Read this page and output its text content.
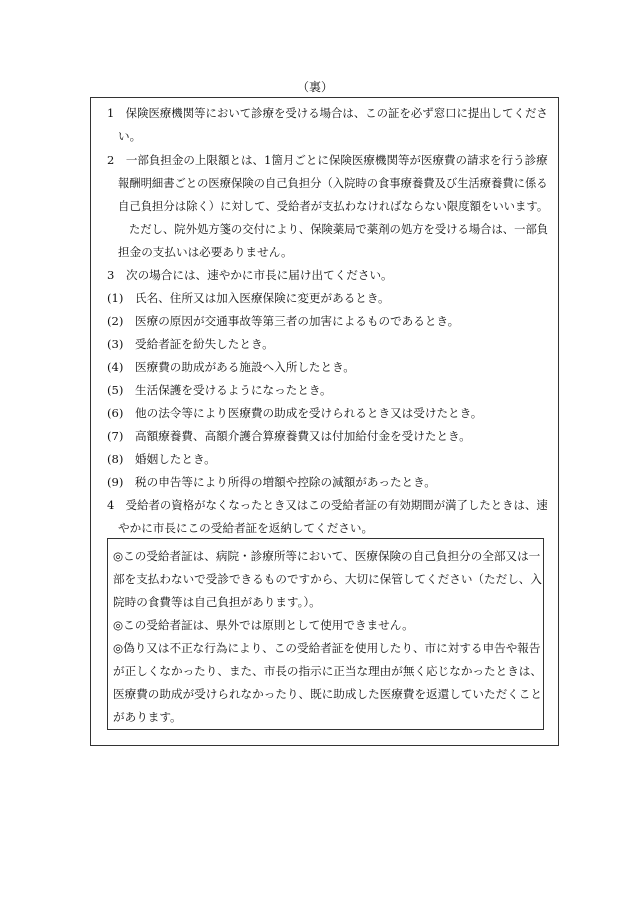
（裏）
1　保険医療機関等において診療を受ける場合は、この証を必ず窓口に提出してくださ
い。
2　一部負担金の上限額とは、1箇月ごとに保険医療機関等が医療費の請求を行う診療
報酬明細書ごとの医療保険の自己負担分（入院時の食事療養費及び生活療養費に係る
自己負担分は除く）に対して、受給者が支払わなければならない限度額をいいます。
ただし、院外処方箋の交付により、保険薬局で薬剤の処方を受ける場合は、一部負
担金の支払いは必要ありません。
3　次の場合には、速やかに市長に届け出てください。
(1)　氏名、住所又は加入医療保険に変更があるとき。
(2)　医療の原因が交通事故等第三者の加害によるものであるとき。
(3)　受給者証を紛失したとき。
(4)　医療費の助成がある施設へ入所したとき。
(5)　生活保護を受けるようになったとき。
(6)　他の法令等により医療費の助成を受けられるとき又は受けたとき。
(7)　高額療養費、高額介護合算療養費又は付加給付金を受けたとき。
(8)　婚姻したとき。
(9)　税の申告等により所得の増額や控除の減額があったとき。
4　受給者の資格がなくなったとき又はこの受給者証の有効期間が満了したときは、速
やかに市長にこの受給者証を返納してください。
◎この受給者証は、病院・診療所等において、医療保険の自己負担分の全部又は一
部を支払わないで受診できるものですから、大切に保管してください（ただし、入
院時の食費等は自己負担があります。）。
◎この受給者証は、県外では原則として使用できません。
◎偽り又は不正な行為により、この受給者証を使用したり、市に対する申告や報告
が正しくなかったり、また、市長の指示に正当な理由が無く応じなかったときは、
医療費の助成が受けられなかったり、既に助成した医療費を返還していただくこと
があります。
